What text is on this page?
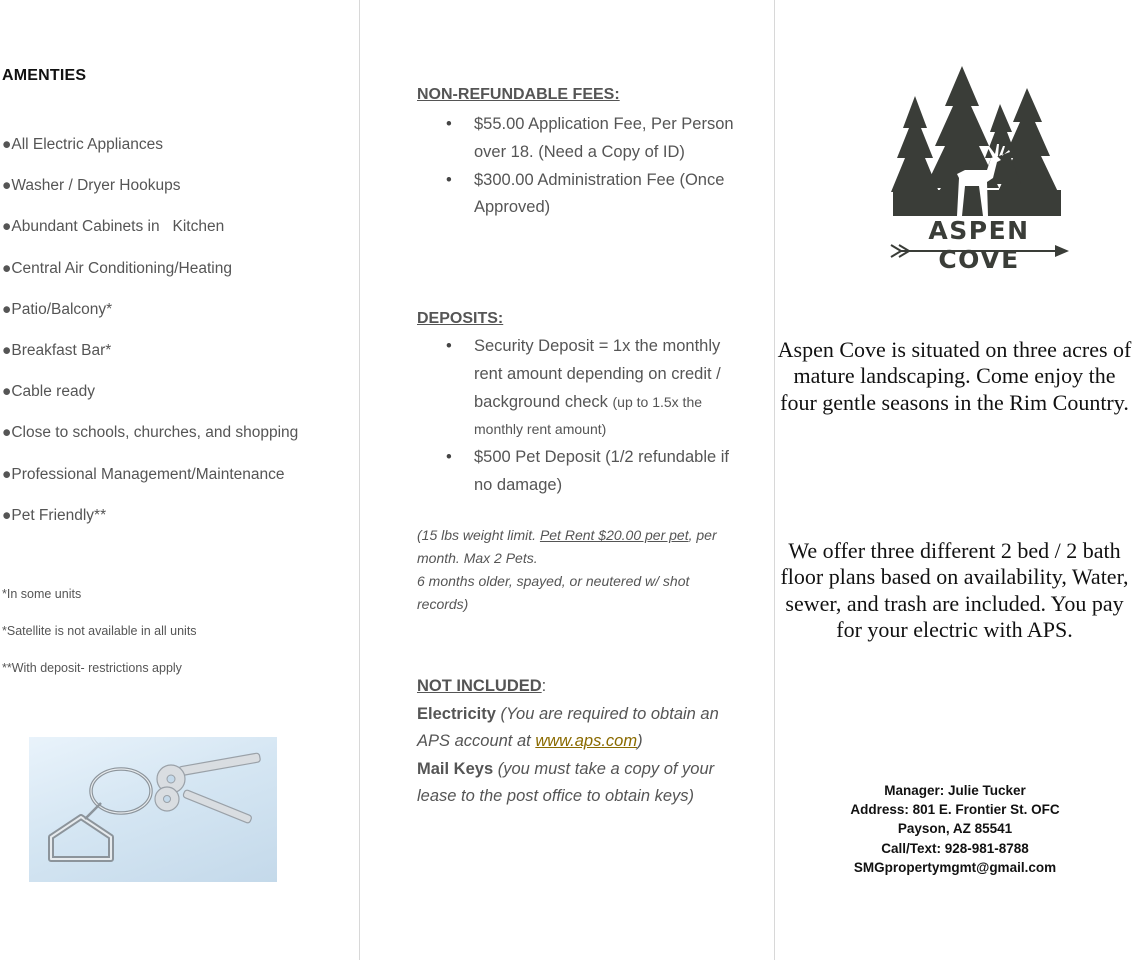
AMENTIES
●All Electric Appliances
●Washer / Dryer Hookups
●Abundant Cabinets in   Kitchen
●Central Air Conditioning/Heating
●Patio/Balcony*
●Breakfast Bar*
●Cable ready
●Close to schools, churches, and shopping
●Professional Management/Maintenance
●Pet Friendly**
*In some units
*Satellite is not available in all units
**With deposit- restrictions apply
NON-REFUNDABLE FEES:
• $55.00 Application Fee, Per Person over 18. (Need a Copy of ID)
• $300.00 Administration Fee (Once Approved)
DEPOSITS:
• Security Deposit = 1x the monthly rent amount depending on credit / background check (up to 1.5x the monthly rent amount)
• $500 Pet Deposit (1/2 refundable if no damage)

(15 lbs weight limit. Pet Rent $20.00 per pet, per month. Max 2 Pets.
6 months older, spayed, or neutered w/ shot records)

NOT INCLUDED:
Electricity (You are required to obtain an APS account at www.aps.com)
Mail Keys (you must take a copy of your lease to the post office to obtain keys)
ASPEN COVE

Aspen Cove is situated on three acres of mature landscaping. Come enjoy the four gentle seasons in the Rim Country.

We offer three different 2 bed / 2 bath floor plans based on availability, Water, sewer, and trash are included. You pay for your electric with APS.

Manager: Julie Tucker
Address: 801 E. Frontier St. OFC
Payson, AZ 85541
Call/Text: 928-981-8788
SMGpropertymgmt@gmail.com
